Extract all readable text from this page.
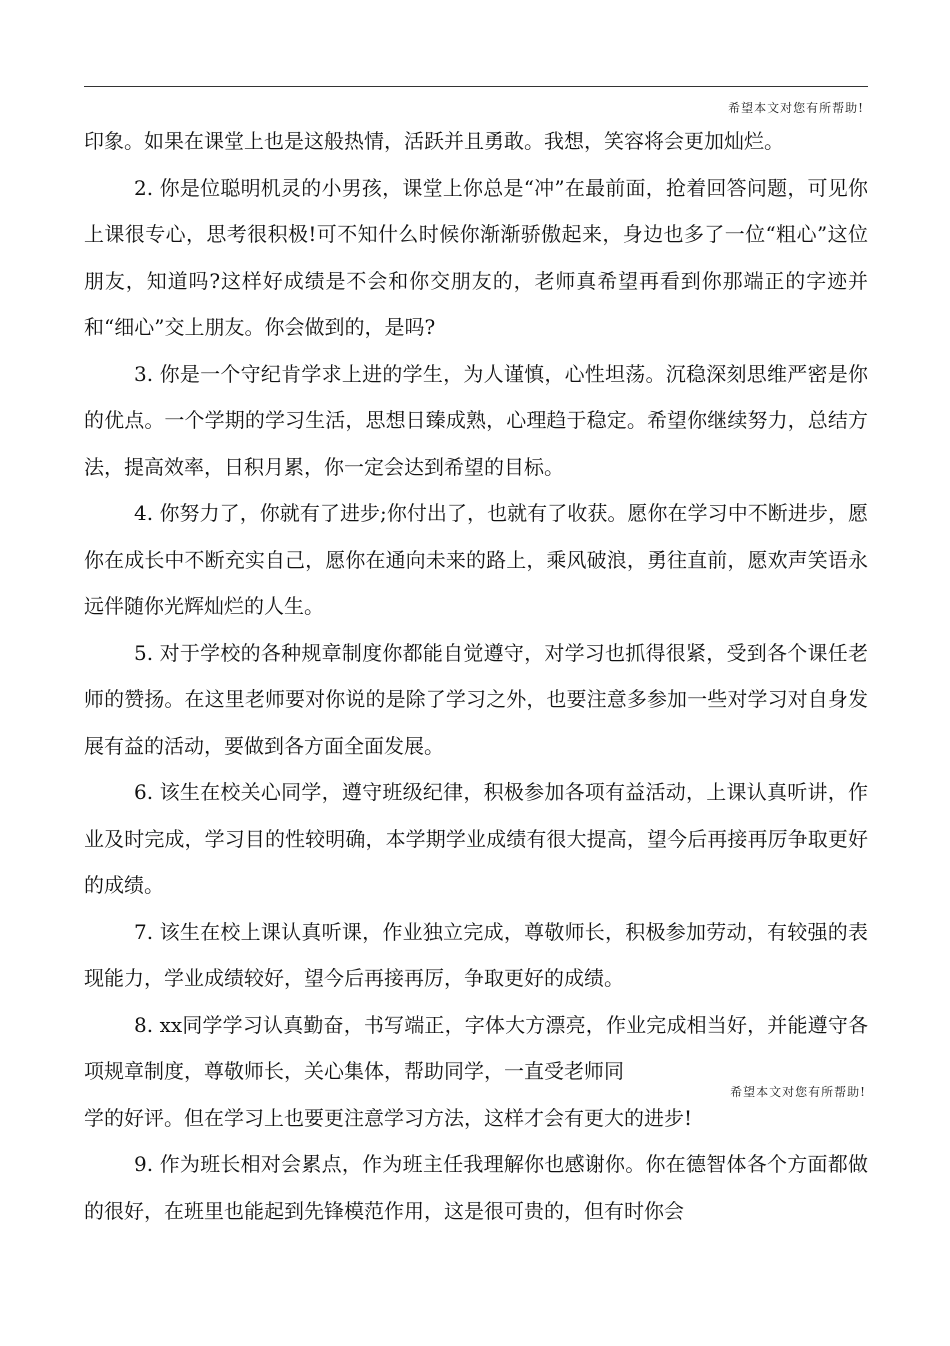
希望本文对您有所帮助!

印象。如果在课堂上也是这般热情，活跃并且勇敢。我想，笑容将会更加灿烂。

2. 你是位聪明机灵的小男孩，课堂上你总是“冲”在最前面，抢着回答问题，可见你上课很专心，思考很积极!可不知什么时候你渐渐骄傲起来，身边也多了一位“粗心”这位朋友，知道吗?这样好成绩是不会和你交朋友的，老师真希望再看到你那端正的字迹并和“细心”交上朋友。你会做到的，是吗?

3. 你是一个守纪肯学求上进的学生，为人谨慎，心性坦荡。沉稳深刻思维严密是你的优点。一个学期的学习生活，思想日臻成熟，心理趋于稳定。希望你继续努力，总结方法，提高效率，日积月累，你一定会达到希望的目标。

4. 你努力了，你就有了进步;你付出了，也就有了收获。愿你在学习中不断进步，愿你在成长中不断充实自己，愿你在通向未来的路上，乘风破浪，勇往直前，愿欢声笑语永远伴随你光辉灿烂的人生。

5. 对于学校的各种规章制度你都能自觉遵守，对学习也抓得很紧，受到各个课任老师的赞扬。在这里老师要对你说的是除了学习之外，也要注意多参加一些对学习对自身发展有益的活动，要做到各方面全面发展。

6. 该生在校关心同学，遵守班级纪律，积极参加各项有益活动，上课认真听讲，作业及时完成，学习目的性较明确，本学期学业成绩有很大提高，望今后再接再厉争取更好的成绩。

7. 该生在校上课认真听课，作业独立完成，尊敬师长，积极参加劳动，有较强的表现能力，学业成绩较好，望今后再接再厉，争取更好的成绩。

8. xx同学学习认真勤奋，书写端正，字体大方漂亮，作业完成相当好，并能遵守各项规章制度，尊敬师长，关心集体，帮助同学，一直受老师同

希望本文对您有所帮助!

学的好评。但在学习上也要更注意学习方法，这样才会有更大的进步!

9. 作为班长相对会累点，作为班主任我理解你也感谢你。你在德智体各个方面都做的很好，在班里也能起到先锋模范作用，这是很可贵的，但有时你会
